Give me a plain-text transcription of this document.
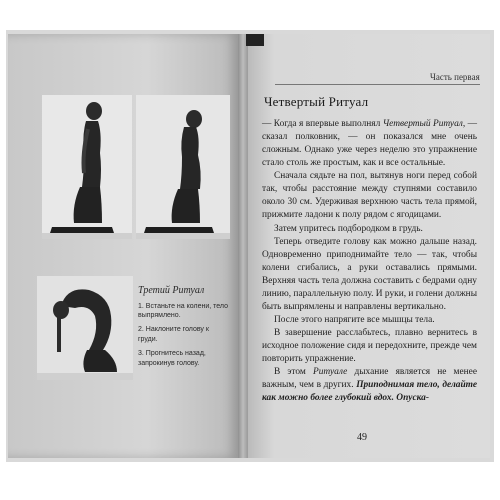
Третий Ритуал
1. Встаньте на колени, тело выпрямлено.
2. Наклоните голову к груди.
3. Прогнитесь назад, запрокинув голову.
Часть первая
Четвертый Ритуал

— Когда я впервые выполнял Четвертый Ритуал, — сказал полковник, — он показался мне очень сложным. Однако уже через неделю это упражнение стало столь же простым, как и все остальные.

Сначала сядьте на пол, вытянув ноги перед собой так, чтобы расстояние между ступнями составило около 30 см. Удерживая верхнюю часть тела прямой, прижмите ладони к полу рядом с ягодицами.

Затем упритесь подбородком в грудь.

Теперь отведите голову как можно дальше назад. Одновременно приподнимайте тело — так, чтобы колени сгибались, а руки оставались прямыми. Верхняя часть тела должна составить с бедрами одну линию, параллельную полу. И руки, и голени должны быть выпрямлены и направлены вертикально.

После этого напрягите все мышцы тела.

В завершение расслабьтесь, плавно вернитесь в исходное положение сидя и передохните, прежде чем повторить упражнение.

В этом Ритуале дыхание является не менее важным, чем в других. Приподнимая тело, делайте как можно более глубокий вдох. Опуска-

49
